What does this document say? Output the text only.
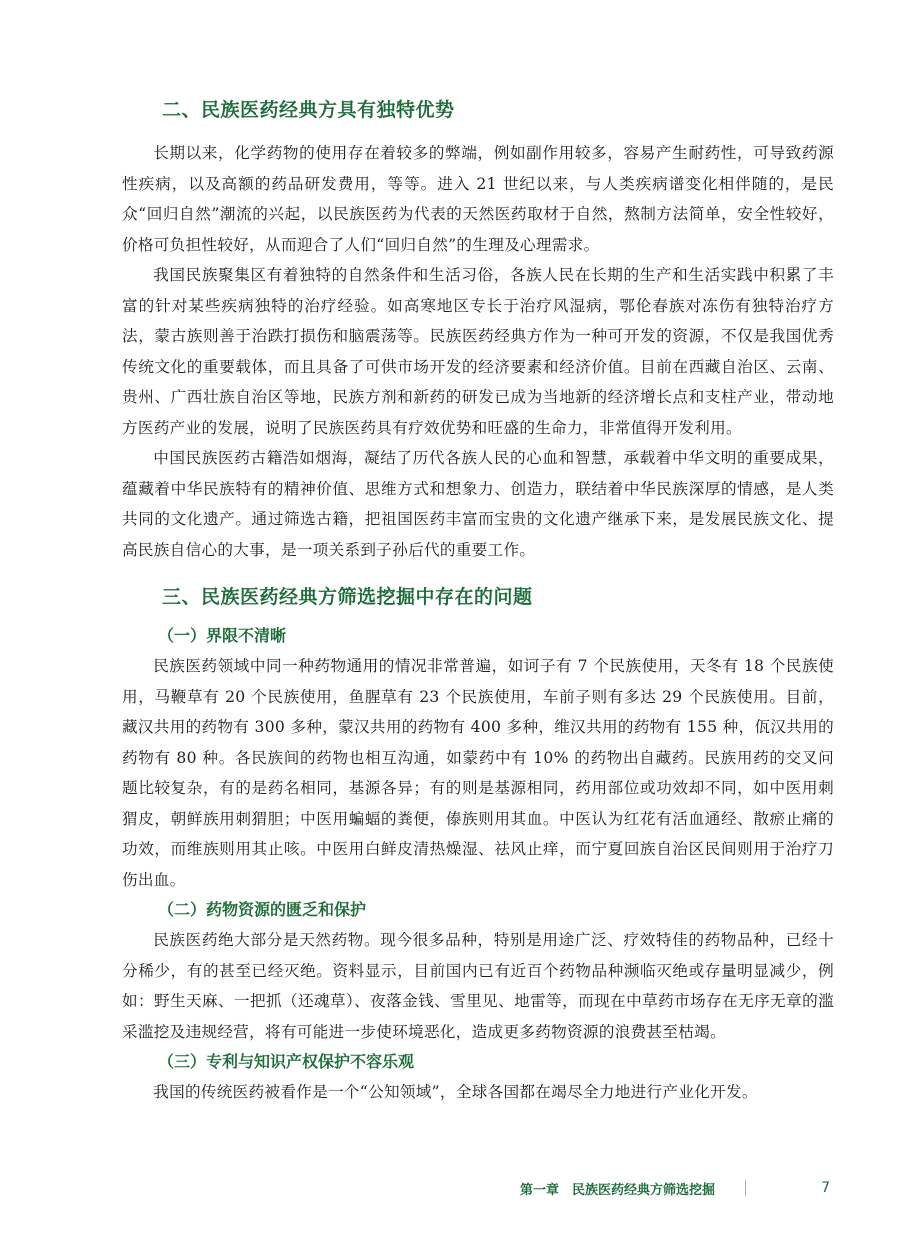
二、民族医药经典方具有独特优势

长期以来，化学药物的使用存在着较多的弊端，例如副作用较多，容易产生耐药性，可导致药源性疾病，以及高额的药品研发费用，等等。进入 21 世纪以来，与人类疾病谱变化相伴随的，是民众“回归自然”潮流的兴起，以民族医药为代表的天然医药取材于自然，熬制方法简单，安全性较好，价格可负担性较好，从而迎合了人们“回归自然”的生理及心理需求。

我国民族聚集区有着独特的自然条件和生活习俗，各族人民在长期的生产和生活实践中积累了丰富的针对某些疾病独特的治疗经验。如高寒地区专长于治疗风湿病，鄂伦春族对冻伤有独特治疗方法，蒙古族则善于治跌打损伤和脑震荡等。民族医药经典方作为一种可开发的资源，不仅是我国优秀传统文化的重要载体，而且具备了可供市场开发的经济要素和经济价值。目前在西藏自治区、云南、贵州、广西壮族自治区等地，民族方剂和新药的研发已成为当地新的经济增长点和支柱产业，带动地方医药产业的发展，说明了民族医药具有疗效优势和旺盛的生命力，非常值得开发利用。

中国民族医药古籍浩如烟海，凝结了历代各族人民的心血和智慧，承载着中华文明的重要成果，蕴藏着中华民族特有的精神价值、思维方式和想象力、创造力，联结着中华民族深厚的情感，是人类共同的文化遗产。通过筛选古籍，把祖国医药丰富而宝贵的文化遗产继承下来，是发展民族文化、提高民族自信心的大事，是一项关系到子孙后代的重要工作。

三、民族医药经典方筛选挖掘中存在的问题
（一）界限不清晰

民族医药领域中同一种药物通用的情况非常普遍，如诃子有 7 个民族使用，天冬有 18 个民族使用，马鞭草有 20 个民族使用，鱼腥草有 23 个民族使用，车前子则有多达 29 个民族使用。目前，藏汉共用的药物有 300 多种，蒙汉共用的药物有 400 多种，维汉共用的药物有 155 种，佤汉共用的药物有 80 种。各民族间的药物也相互沟通，如蒙药中有 10% 的药物出自藏药。民族用药的交叉问题比较复杂，有的是药名相同，基源各异；有的则是基源相同，药用部位或功效却不同，如中医用刺猬皮，朝鲜族用刺猬胆；中医用蝙蝠的粪便，傣族则用其血。中医认为红花有活血通经、散瘀止痛的功效，而维族则用其止咳。中医用白鲜皮清热燥湿、祛风止痒，而宁夏回族自治区民间则用于治疗刀伤出血。

（二）药物资源的匮乏和保护

民族医药绝大部分是天然药物。现今很多品种，特别是用途广泛、疗效特佳的药物品种，已经十分稀少，有的甚至已经灭绝。资料显示，目前国内已有近百个药物品种濒临灭绝或存量明显减少，例如：野生天麻、一把抓（还魂草）、夜落金钱、雪里见、地雷等，而现在中草药市场存在无序无章的滥采滥挖及违规经营，将有可能进一步使环境恶化，造成更多药物资源的浪费甚至枯竭。

（三）专利与知识产权保护不容乐观

我国的传统医药被看作是一个“公知领域”，全球各国都在竭尽全力地进行产业化开发。

第一章　民族医药经典方筛选挖掘	7
